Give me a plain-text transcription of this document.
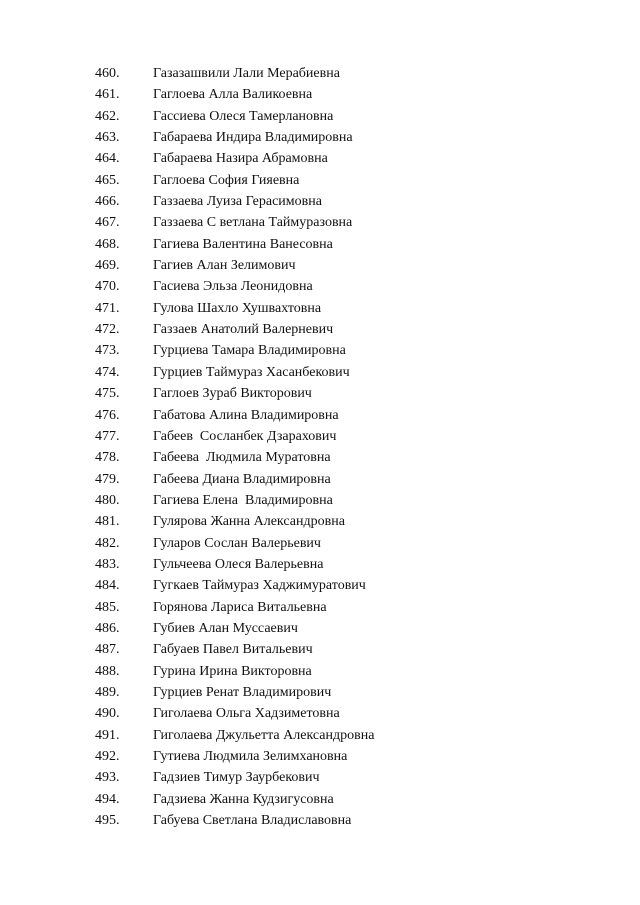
460.	Газазашвили Лали Мерабиевна
461.	Гаглоева Алла Валикоевна
462.	Гассиева Олеся Тамерлановна
463.	Габараева Индира Владимировна
464.	Габараева Назира Абрамовна
465.	Гаглоева София Гияевна
466.	Газзаева Луиза Герасимовна
467.	Газзаева С ветлана Таймуразовна
468.	Гагиева Валентина Ванесовна
469.	Гагиев Алан Зелимович
470.	Гасиева Эльза Леонидовна
471.	Гулова Шахло Хушвахтовна
472.	Газзаев Анатолий Валерневич
473.	Гурциева Тамара Владимировна
474.	Гурциев Таймураз Хасанбекович
475.	Гаглоев Зураб Викторович
476.	Габатова Алина Владимировна
477.	Габеев  Сосланбек Дзарахович
478.	Габеева  Людмила Муратовна
479.	Габеева Диана Владимировна
480.	Гагиева Елена  Владимировна
481.	Гулярова Жанна Александровна
482.	Гуларов Сослан Валерьевич
483.	Гульчеева Олеся Валерьевна
484.	Гугкаев Таймураз Хаджимуратович
485.	Горянова Лариса Витальевна
486.	Губиев Алан Муссаевич
487.	Габуаев Павел Витальевич
488.	Гурина Ирина Викторовна
489.	Гурциев Ренат Владимирович
490.	Гиголаева Ольга Хадзиметовна
491.	Гиголаева Джульетта Александровна
492.	Гутиева Людмила Зелимхановна
493.	Гадзиев Тимур Заурбекович
494.	Гадзиева Жанна Кудзигусовна
495.	Габуева Светлана Владиславовна
